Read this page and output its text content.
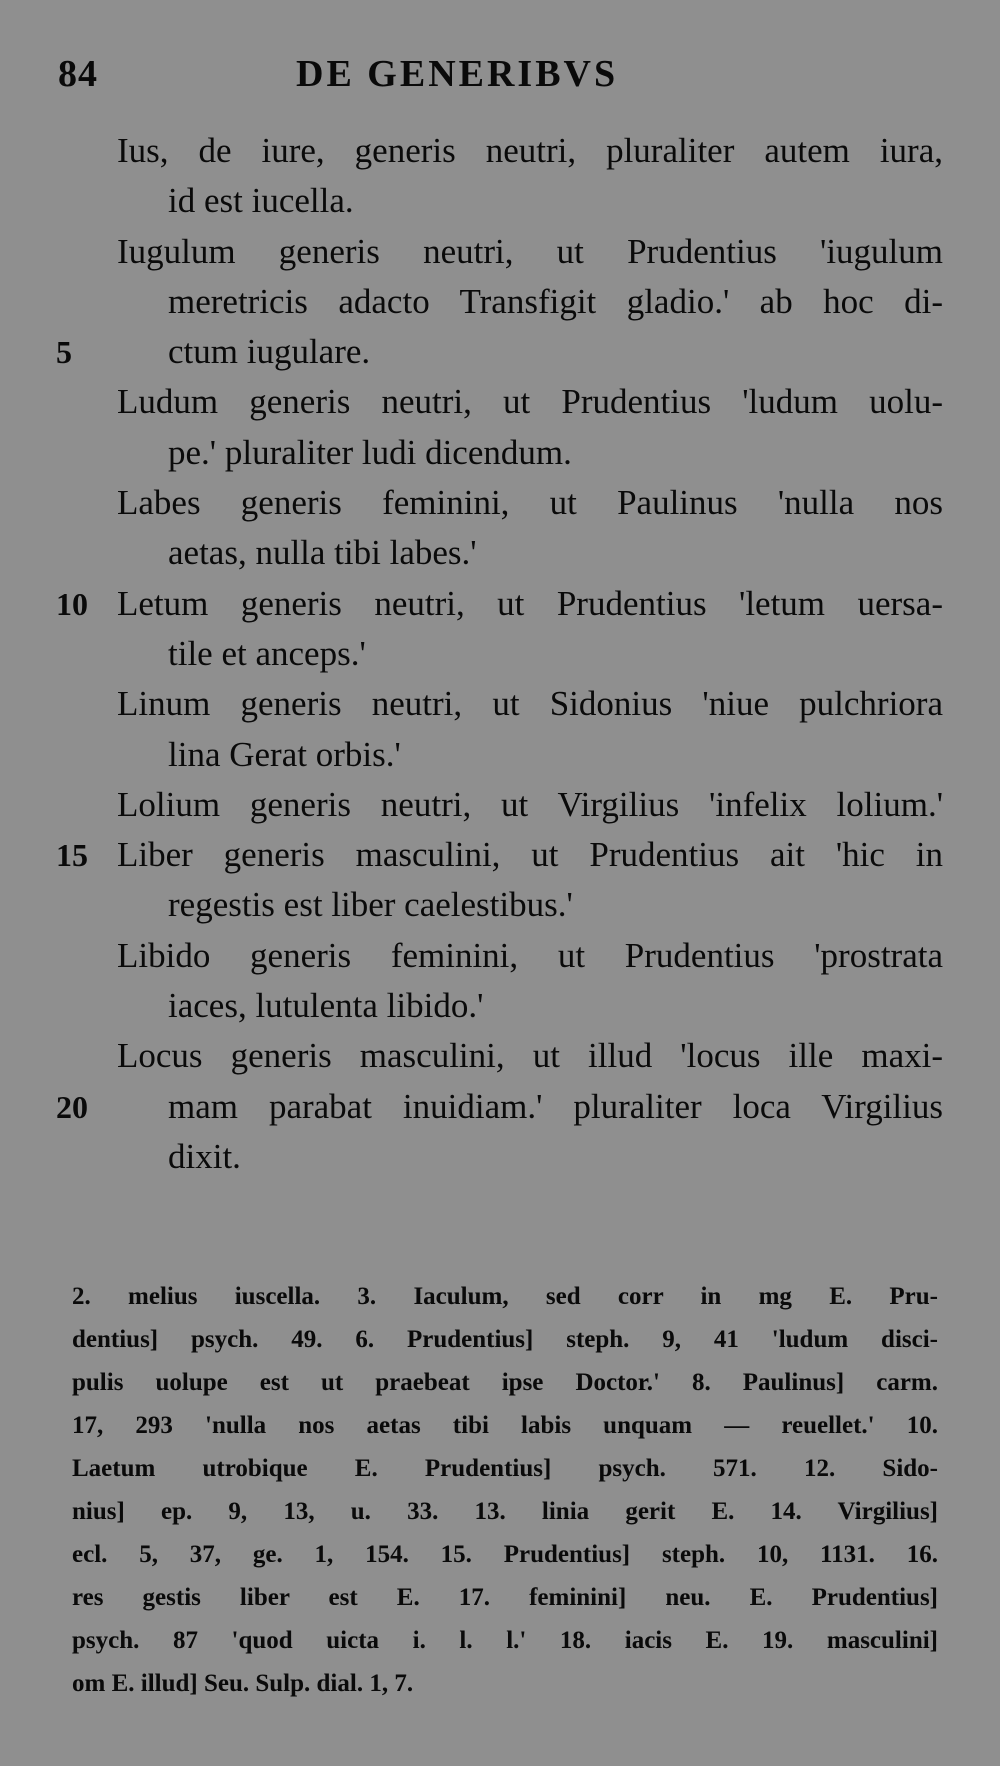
84	DE GENERIBVS
Ius, de iure, generis neutri, pluraliter autem iura,
id est iucella.
Iugulum generis neutri, ut Prudentius 'iugulum
meretricis adacto Transfigit gladio.' ab hoc di-
5	ctum iugulare.
Ludum generis neutri, ut Prudentius 'ludum uolu-
pe.' pluraliter ludi dicendum.
Labes generis feminini, ut Paulinus 'nulla nos
aetas, nulla tibi labes.'
10 Letum generis neutri, ut Prudentius 'letum uersa-
tile et anceps.'
Linum generis neutri, ut Sidonius 'niue pulchriora
lina Gerat orbis.'
Lolium generis neutri, ut Virgilius 'infelix lolium.'
15 Liber generis masculini, ut Prudentius ait 'hic in
regestis est liber caelestibus.'
Libido generis feminini, ut Prudentius 'prostrata
iaces, lutulenta libido.'
Locus generis masculini, ut illud 'locus ille maxi-
20 mam parabat inuidiam.' pluraliter loca Virgilius
dixit.
2. melius iuscella. 3. Iaculum, sed corr in mg E. Pru-
dentius] psych. 49. 6. Prudentius] steph. 9, 41 'ludum disci-
pulis uolupe est ut praebeat ipse Doctor.' 8. Paulinus] carm.
17, 293 'nulla nos aetas tibi labis unquam — reuellet.' 10.
Laetum utrobique E. Prudentius] psych. 571. 12. Sido-
nius] ep. 9, 13, u. 33. 13. linia gerit E. 14. Virgilius]
ecl. 5, 37, ge. 1, 154. 15. Prudentius] steph. 10, 1131. 16.
res gestis liber est E. 17. feminini] neu. E. Prudentius]
psych. 87 'quod uicta i. l. l.' 18. iacis E. 19. masculini]
om E. illud] Seu. Sulp. dial. 1, 7.
